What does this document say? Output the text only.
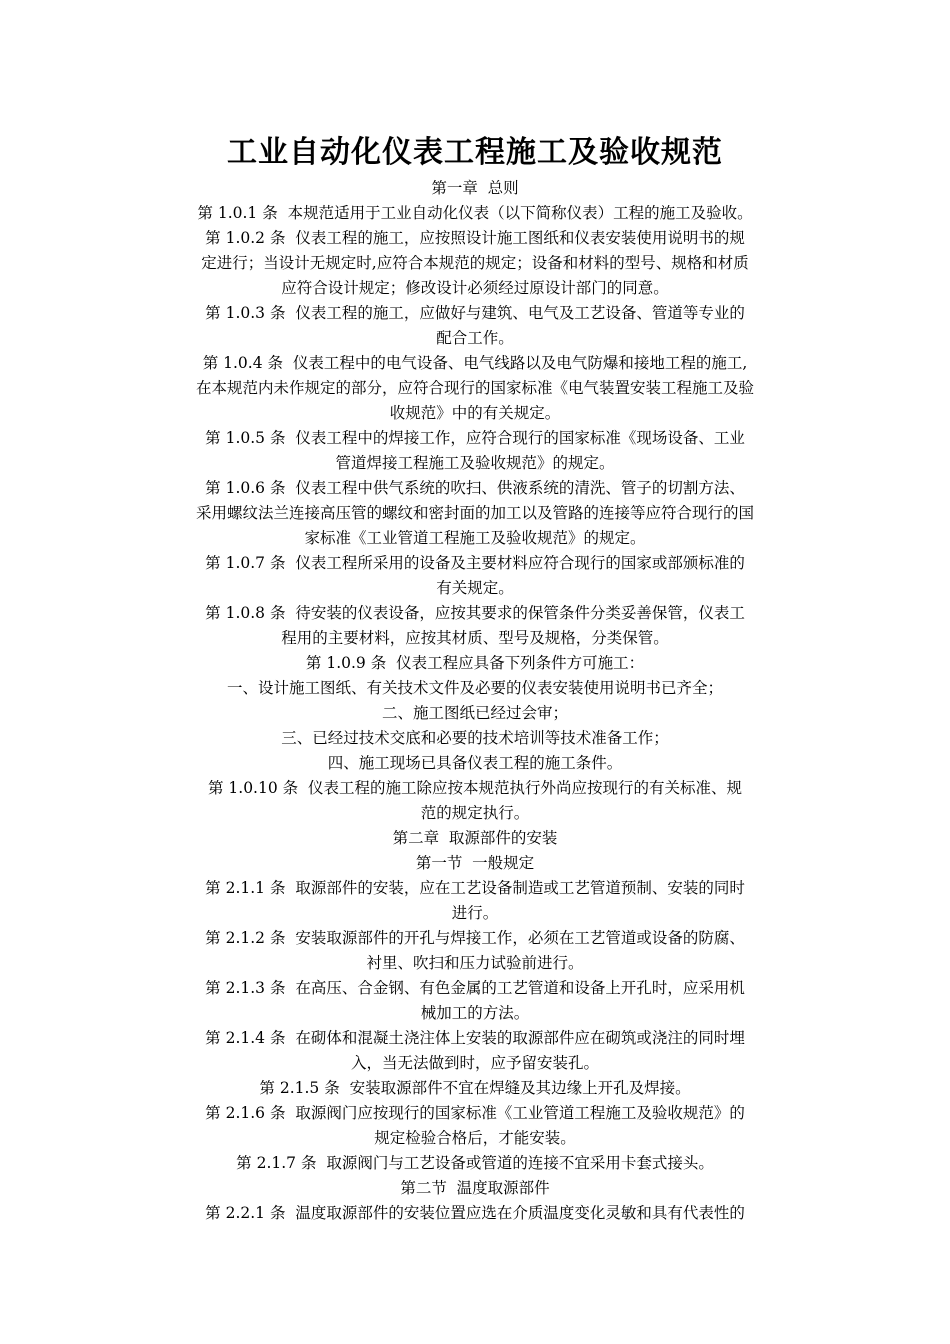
工业自动化仪表工程施工及验收规范
第一章  总则
第 1.0.1 条  本规范适用于工业自动化仪表（以下简称仪表）工程的施工及验收。
第 1.0.2 条  仪表工程的施工，应按照设计施工图纸和仪表安装使用说明书的规
定进行；当设计无规定时,应符合本规范的规定；设备和材料的型号、规格和材质
应符合设计规定；修改设计必须经过原设计部门的同意。
第 1.0.3 条  仪表工程的施工，应做好与建筑、电气及工艺设备、管道等专业的
配合工作。
第 1.0.4 条  仪表工程中的电气设备、电气线路以及电气防爆和接地工程的施工,
在本规范内未作规定的部分，应符合现行的国家标准《电气装置安装工程施工及验
收规范》中的有关规定。
第 1.0.5 条  仪表工程中的焊接工作，应符合现行的国家标准《现场设备、工业
管道焊接工程施工及验收规范》的规定。
第 1.0.6 条  仪表工程中供气系统的吹扫、供液系统的清洗、管子的切割方法、
采用螺纹法兰连接高压管的螺纹和密封面的加工以及管路的连接等应符合现行的国
家标准《工业管道工程施工及验收规范》的规定。
第 1.0.7 条  仪表工程所采用的设备及主要材料应符合现行的国家或部颁标准的
有关规定。
第 1.0.8 条  待安装的仪表设备，应按其要求的保管条件分类妥善保管，仪表工
程用的主要材料，应按其材质、型号及规格，分类保管。
第 1.0.9 条  仪表工程应具备下列条件方可施工：
一、设计施工图纸、有关技术文件及必要的仪表安装使用说明书已齐全；
二、施工图纸已经过会审；
三、已经过技术交底和必要的技术培训等技术准备工作；
四、施工现场已具备仪表工程的施工条件。
第 1.0.10 条  仪表工程的施工除应按本规范执行外尚应按现行的有关标准、规
范的规定执行。
第二章  取源部件的安装
第一节  一般规定
第 2.1.1 条  取源部件的安装，应在工艺设备制造或工艺管道预制、安装的同时
进行。
第 2.1.2 条  安装取源部件的开孔与焊接工作，必须在工艺管道或设备的防腐、
衬里、吹扫和压力试验前进行。
第 2.1.3 条  在高压、合金钢、有色金属的工艺管道和设备上开孔时，应采用机
械加工的方法。
第 2.1.4 条  在砌体和混凝土浇注体上安装的取源部件应在砌筑或浇注的同时埋
入，当无法做到时，应予留安装孔。
第 2.1.5 条  安装取源部件不宜在焊缝及其边缘上开孔及焊接。
第 2.1.6 条  取源阀门应按现行的国家标准《工业管道工程施工及验收规范》的
规定检验合格后，才能安装。
第 2.1.7 条  取源阀门与工艺设备或管道的连接不宜采用卡套式接头。
第二节  温度取源部件
第 2.2.1 条  温度取源部件的安装位置应选在介质温度变化灵敏和具有代表性的
